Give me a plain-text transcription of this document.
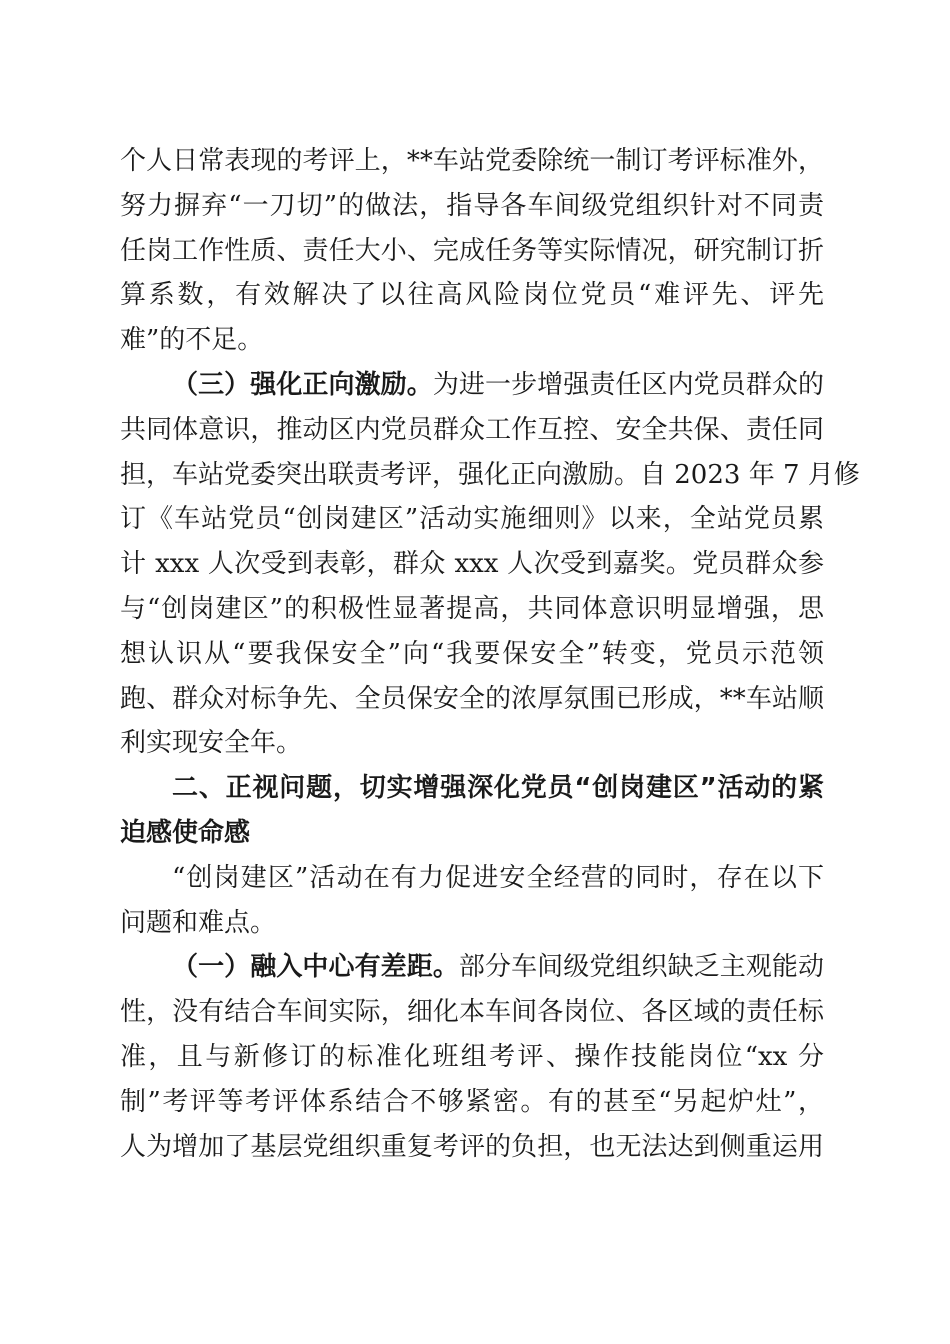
个人日常表现的考评上，**车站党委除统一制订考评标准外，
努力摒弃“一刀切”的做法，指导各车间级党组织针对不同责
任岗工作性质、责任大小、完成任务等实际情况，研究制订折
算系数，有效解决了以往高风险岗位党员“难评先、评先
难”的不足。
（三）强化正向激励。为进一步增强责任区内党员群众的
共同体意识，推动区内党员群众工作互控、安全共保、责任同
担，车站党委突出联责考评，强化正向激励。自 2023 年 7 月修
订《车站党员“创岗建区”活动实施细则》以来，全站党员累
计 xxx 人次受到表彰，群众 xxx 人次受到嘉奖。党员群众参
与“创岗建区”的积极性显著提高，共同体意识明显增强，思
想认识从“要我保安全”向“我要保安全”转变，党员示范领
跑、群众对标争先、全员保安全的浓厚氛围已形成，**车站顺
利实现安全年。
二、正视问题，切实增强深化党员“创岗建区”活动的紧
迫感使命感
“创岗建区”活动在有力促进安全经营的同时，存在以下
问题和难点。
（一）融入中心有差距。部分车间级党组织缺乏主观能动
性，没有结合车间实际，细化本车间各岗位、各区域的责任标
准，且与新修订的标准化班组考评、操作技能岗位“xx 分
制”考评等考评体系结合不够紧密。有的甚至“另起炉灶”，
人为增加了基层党组织重复考评的负担，也无法达到侧重运用
